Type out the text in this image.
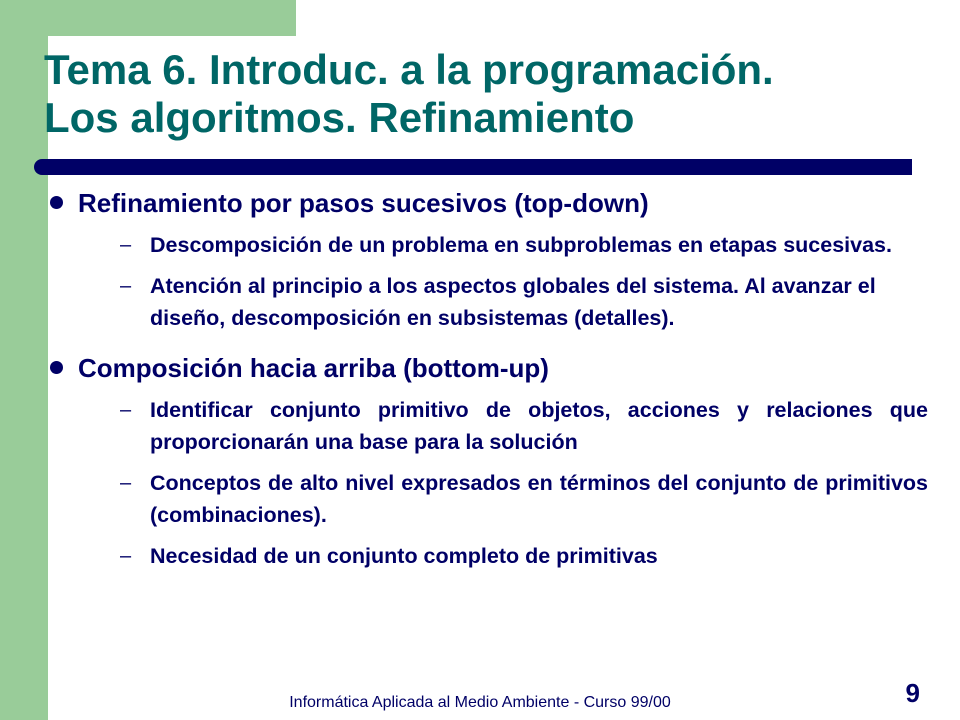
Tema 6. Introduc. a la programación.
Los algoritmos. Refinamiento
Refinamiento por pasos sucesivos (top-down)
– Descomposición de un problema en subproblemas en etapas sucesivas.
– Atención al principio a los aspectos globales del sistema. Al avanzar el diseño, descomposición en subsistemas (detalles).
Composición hacia arriba (bottom-up)
– Identificar conjunto primitivo de objetos, acciones y relaciones que proporcionarán una base para la solución
– Conceptos de alto nivel expresados en términos del conjunto de primitivos (combinaciones).
– Necesidad de un conjunto completo de primitivas
Informática Aplicada al Medio Ambiente - Curso 99/00	9
